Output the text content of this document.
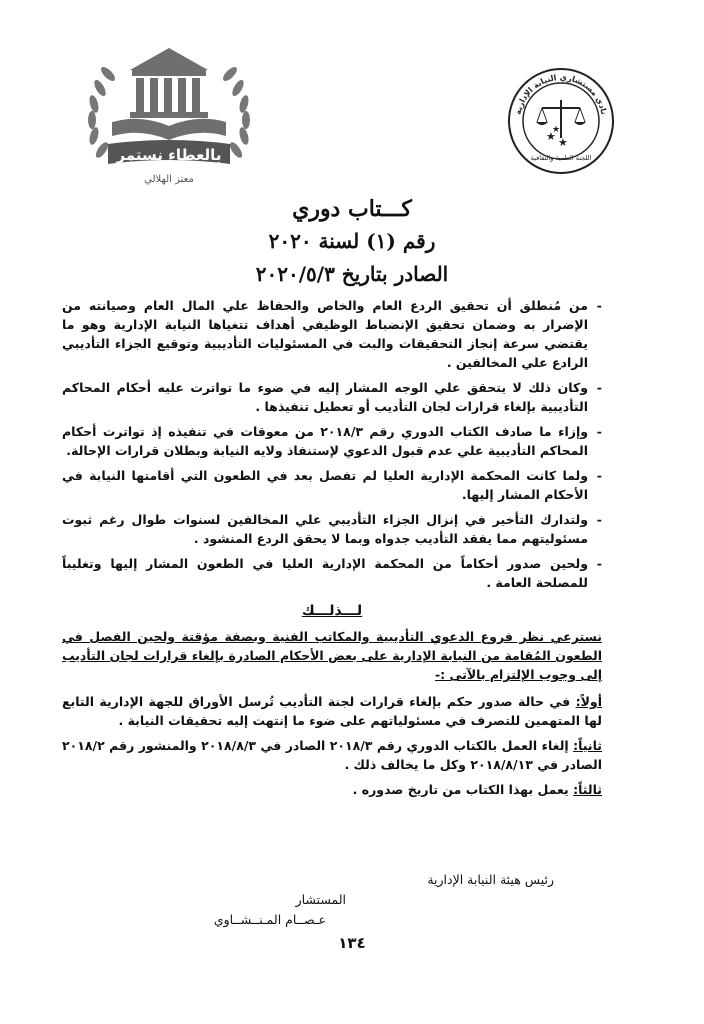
بالعطاء نستمر
معتز الهلالي
نادي مستشاري النيابة الإدارية
★ ★
★
اللجنة العلمية والثقافية
كـــتاب دوري
رقم (١) لسنة ٢٠٢٠
الصادر بتاريخ ٢٠٢٠/٥/٣
- من مُنطلق أن تحقيق الردع العام والخاص والحفاظ علي المال العام وصيانته من الإضرار به وضمان تحقيق الإنضباط الوظيفي أهداف تتغياها النيابة الإدارية وهو ما يقتضي سرعة إنجاز التحقيقات والبت في المسئوليات التأديبية وتوقيع الجزاء التأديبي الرادع علي المخالفين .
- وكان ذلك لا يتحقق علي الوجه المشار إليه في ضوء ما تواترت عليه أحكام المحاكم التأديبية بإلغاء قرارات لجان التأديب أو تعطيل تنفيذها .
- وإزاء ما صادف الكتاب الدوري رقم ٢٠١٨/٣ من معوقات في تنفيذه إذ تواترت أحكام المحاكم التأديبية علي عدم قبول الدعوي لإستنفاذ ولايه النيابة وبطلان قرارات الإحالة.
- ولما كانت المحكمة الإدارية العليا لم تفصل بعد في الطعون التي أقامتها النيابة في الأحكام المشار إليها.
- ولتدارك التأخير في إنزال الجزاء التأديبي علي المخالفين لسنوات طوال رغم ثبوت مسئوليتهم مما يفقد التأديب جدواه وبما لا يحقق الردع المنشود .
- ولحين صدور أحكاماً من المحكمة الإدارية العليا في الطعون المشار إليها وتغليباً للمصلحة العامة .
لـــذلـــك
نسترعي نظر فروع الدعوي التأديبية والمكاتب الفنية وبصفة مؤقتة ولحين الفصل في الطعون المُقامة من النيابة الإدارية على بعض الأحكام الصادرة بإلغاء قرارات لجان التأديب إلى وجوب الإلتزام بالآتى :-
أولاً: في حالة صدور حكم بإلغاء قرارات لجنة التأديب تُرسل الأوراق للجهة الإدارية التابع لها المتهمين للتصرف في مسئولياتهم على ضوء ما إنتهت إليه تحقيقات النيابة .
ثانياً: إلغاء العمل بالكتاب الدوري رقم ٢٠١٨/٣ الصادر في ٢٠١٨/٨/٣ والمنشور رقم ٢٠١٨/٢ الصادر في ٢٠١٨/٨/١٣ وكل ما يخالف ذلك .
ثالثاً: يعمل بهذا الكتاب من تاريخ صدوره .
رئيس هيئة النيابة الإدارية
المستشار
عـصــام المـنــشــاوي
١٣٤
